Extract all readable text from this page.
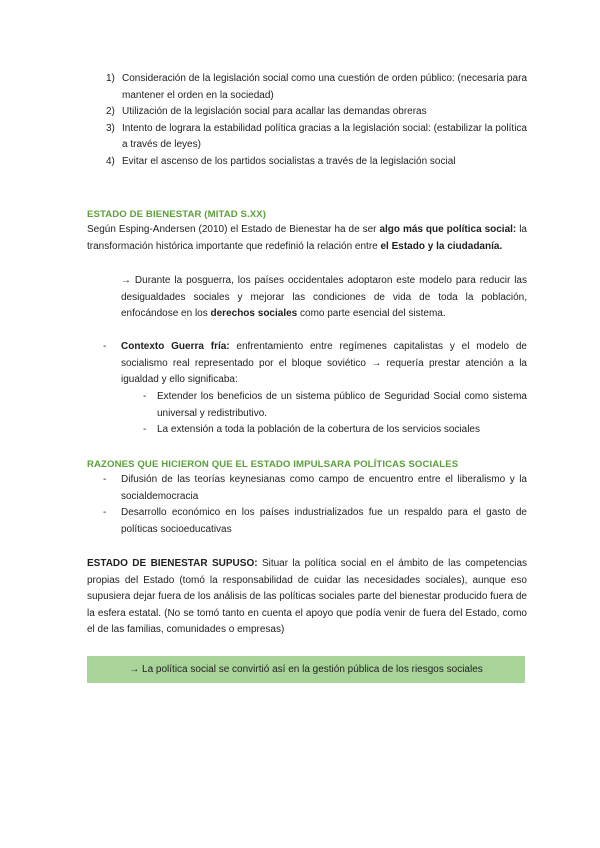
1) Consideración de la legislación social como una cuestión de orden público: (necesaria para mantener el orden en la sociedad)
2) Utilización de la legislación social para acallar las demandas obreras
3) Intento de lograra la estabilidad política gracias a la legislación social: (estabilizar la política a través de leyes)
4) Evitar el ascenso de los partidos socialistas a través de la legislación social
ESTADO DE BIENESTAR (MITAD S.XX)
Según Esping-Andersen (2010) el Estado de Bienestar ha de ser algo más que política social: la transformación histórica importante que redefinió la relación entre el Estado y la ciudadanía.
→ Durante la posguerra, los países occidentales adoptaron este modelo para reducir las desigualdades sociales y mejorar las condiciones de vida de toda la población, enfocándose en los derechos sociales como parte esencial del sistema.
- Contexto Guerra fría: enfrentamiento entre regímenes capitalistas y el modelo de socialismo real representado por el bloque soviético → requería prestar atención a la igualdad y ello significaba:
- Extender los beneficios de un sistema público de Seguridad Social como sistema universal y redistributivo.
- La extensión a toda la población de la cobertura de los servicios sociales
RAZONES QUE HICIERON QUE EL ESTADO IMPULSARA POLÍTICAS SOCIALES
- Difusión de las teorías keynesianas como campo de encuentro entre el liberalismo y la socialdemocracia
- Desarrollo económico en los países industrializados fue un respaldo para el gasto de políticas socioeducativas
ESTADO DE BIENESTAR SUPUSO: Situar la política social en el ámbito de las competencias propias del Estado (tomó la responsabilidad de cuidar las necesidades sociales), aunque eso supusiera dejar fuera de los análisis de las políticas sociales parte del bienestar producido fuera de la esfera estatal. (No se tomó tanto en cuenta el apoyo que podía venir de fuera del Estado, como el de las familias, comunidades o empresas)
→ La política social se convirtió así en la gestión pública de los riesgos sociales
